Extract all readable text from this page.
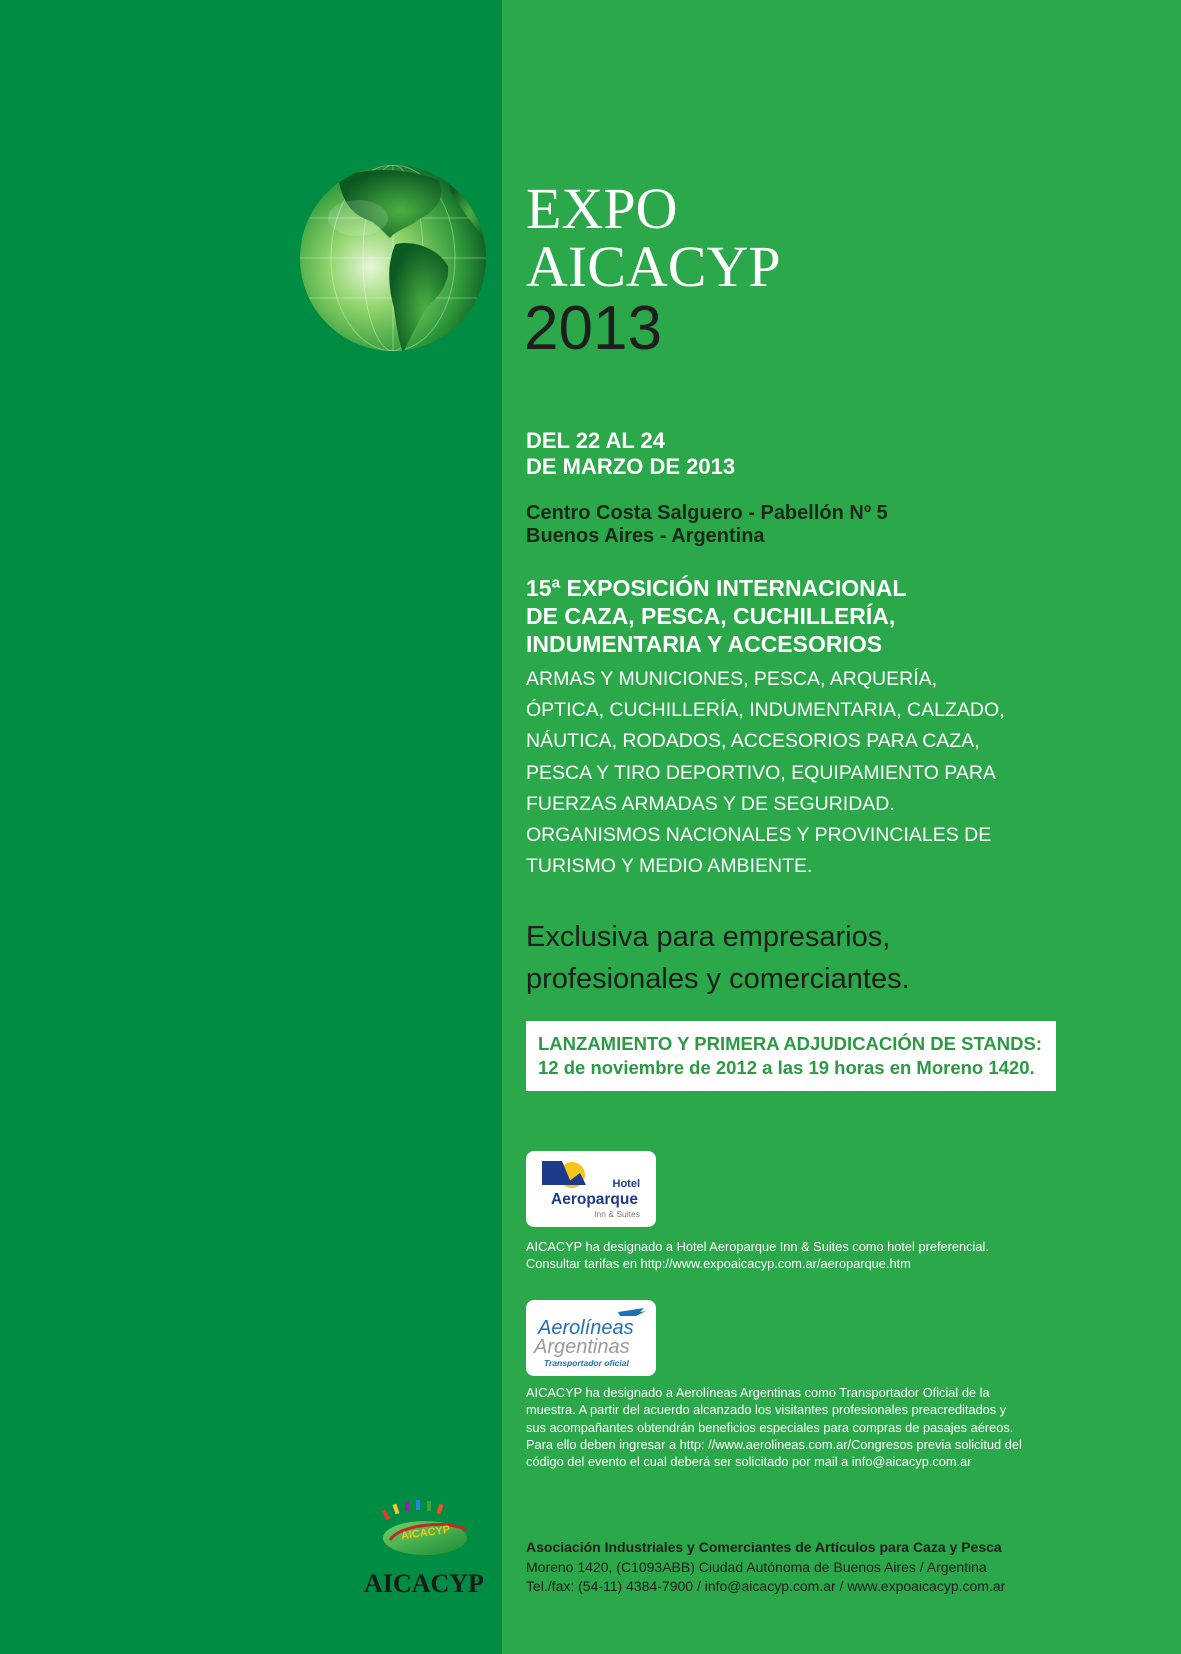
EXPO
AICACYP
2013
DEL 22 AL 24
DE MARZO DE 2013
Centro Costa Salguero - Pabellón Nº 5
Buenos Aires - Argentina
15ª EXPOSICIÓN INTERNACIONAL
DE CAZA, PESCA, CUCHILLERÍA,
INDUMENTARIA Y ACCESORIOS
ARMAS Y MUNICIONES, PESCA, ARQUERÍA,
ÓPTICA, CUCHILLERÍA, INDUMENTARIA, CALZADO,
NÁUTICA, RODADOS, ACCESORIOS PARA CAZA,
PESCA Y TIRO DEPORTIVO, EQUIPAMIENTO PARA
FUERZAS ARMADAS Y DE SEGURIDAD.
ORGANISMOS NACIONALES Y PROVINCIALES DE
TURISMO Y MEDIO AMBIENTE.
Exclusiva para empresarios,
profesionales y comerciantes.
LANZAMIENTO Y PRIMERA ADJUDICACIÓN DE STANDS:
12 de noviembre de 2012 a las 19 horas en Moreno 1420.
Hotel
Aeroparque
Inn & Suites
AICACYP ha designado a Hotel Aeroparque Inn & Suites como hotel preferencial.
Consultar tarifas en http://www.expoaicacyp.com.ar/aeroparque.htm
Aerolíneas
Argentinas
Transportador oficial
AICACYP ha designado a Aerolíneas Argentinas como Transportador Oficial de la
muestra. A partir del acuerdo alcanzado los visitantes profesionales preacreditados y
sus acompañantes obtendrán beneficios especiales para compras de pasajes aéreos.
Para ello deben ingresar a http: //www.aerolineas.com.ar/Congresos previa solicitud del
código del evento el cual deberá ser solicitado por mail a info@aicacyp.com.ar
AICACYP
AICACYP
Asociación Industriales y Comerciantes de Artículos para Caza y Pesca
Moreno 1420, (C1093ABB) Ciudad Autónoma de Buenos Aires / Argentina
Tel./fax: (54-11) 4384-7900 / info@aicacyp.com.ar / www.expoaicacyp.com.ar
